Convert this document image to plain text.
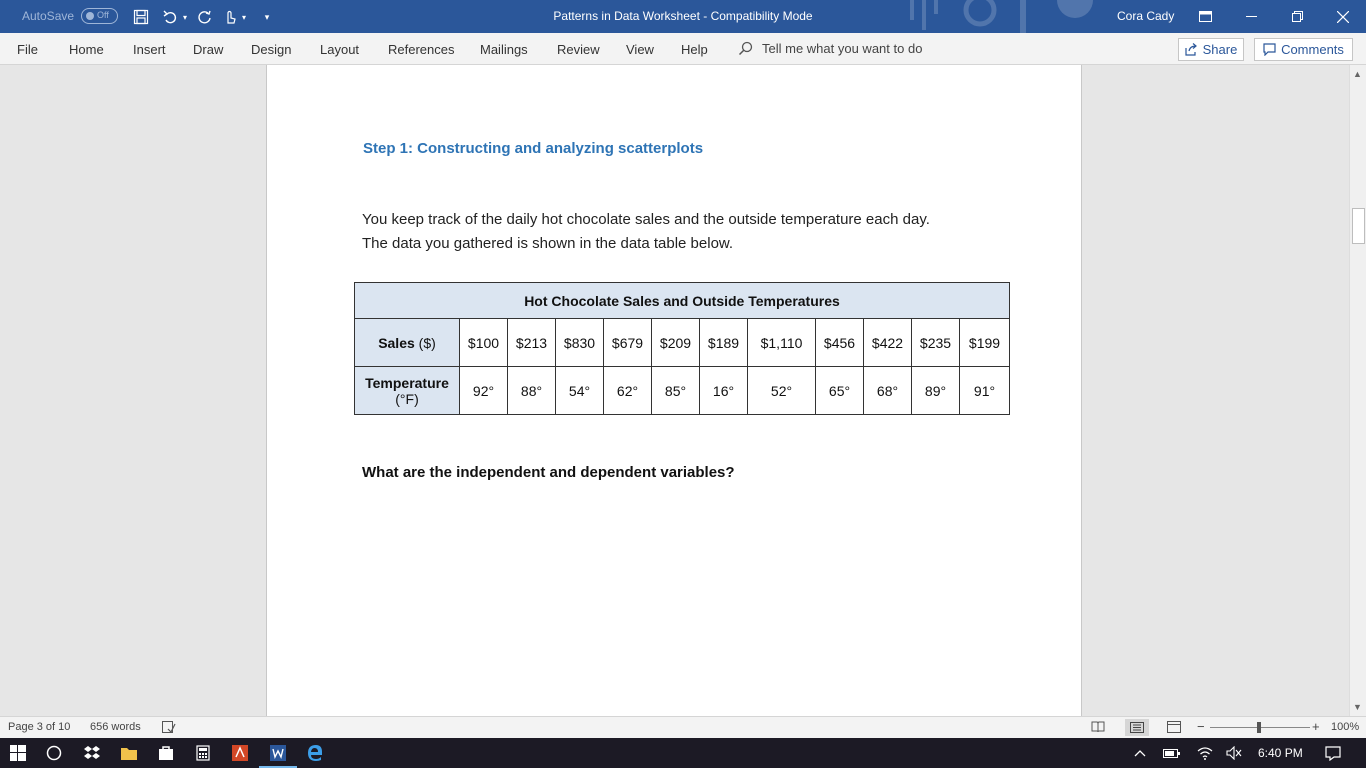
AutoSave	Off	▾	▾	▾	Patterns in Data Worksheet - Compatibility Mode	Cora Cady
File Home Insert Draw Design Layout References Mailings Review View Help	Tell me what you want to do	Share	Comments
Step 1: Constructing and analyzing scatterplots
You keep track of the daily hot chocolate sales and the outside temperature each day.
The data you gathered is shown in the data table below.
Hot Chocolate Sales and Outside Temperatures											
Sales ($)	$100	$213	$830	$679	$209	$189	$1,110	$456	$422	$235	$199

Temperature
(°F)	92°	88°	54°	62°	85°	16°	52°	65°	68°	89°	91°
What are the independent and dependent variables?
▲
▼
Page 3 of 10 656 words	−	+ 100%
6:40 PM
